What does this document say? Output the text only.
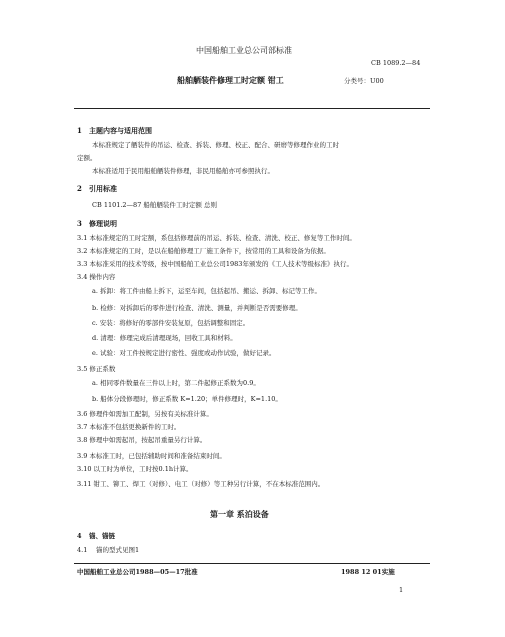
中国船舶工业总公司部标准
CB 1089.2—84
船舶舾装件修理工时定额 钳工	分类号：U00
1 主题内容与适用范围
本标准规定了舾装件的吊运、检查、拆装、修理、校正、配合、研磨等修理作业的工时
定额。
本标准适用于民用船舶舾装件修理，非民用船舶亦可参照执行。
2 引用标准
CB 1101.2—87 船舶舾装件工时定额 总则
3 修理说明
3.1 本标准规定的工时定额，系包括修理前的吊运、拆装、检查、清洗、校正、修复等工作时间。
3.2 本标准规定的工时，是以在船舶修理工厂施工条件下，按常用的工具和设备为依据。
3.3 本标准采用的技术等级，按中国船舶工业总公司1983年颁发的《工人技术等级标准》执行。
3.4 操作内容
a. 拆卸：将工件由船上拆下，运至车间，包括起吊、搬运、拆卸、标记等工作。
b. 检修：对拆卸后的零件进行检查、清洗、测量，并判断是否需要修理。
c. 安装：将修好的零部件安装复原，包括调整和固定。
d. 清理：修理完成后清理现场，回收工具和材料。
e. 试验：对工件按规定进行密性、强度或动作试验，做好记录。
3.5 修正系数
a. 相同零件数量在三件以上时，第二件起修正系数为0.9。
b. 船体分段修理时，修正系数 K=1.20；单件修理时，K=1.10。
3.6 修理件如需加工配制，另按有关标准计算。
3.7 本标准不包括更换新件的工时。
3.8 修理中如需起吊，按起吊重量另行计算。
3.9 本标准工时，已包括辅助时间和准备结束时间。
3.10 以工时为单位，工时按0.1h计算。
3.11 钳工、铆工、焊工（对修）、电工（对修）等工种另行计算，不在本标准范围内。
第一章 系泊设备
4 锚、锚链
4.1 锚的型式见图1
中国船舶工业总公司1988—05—17批准	1988 12 01实施
1
